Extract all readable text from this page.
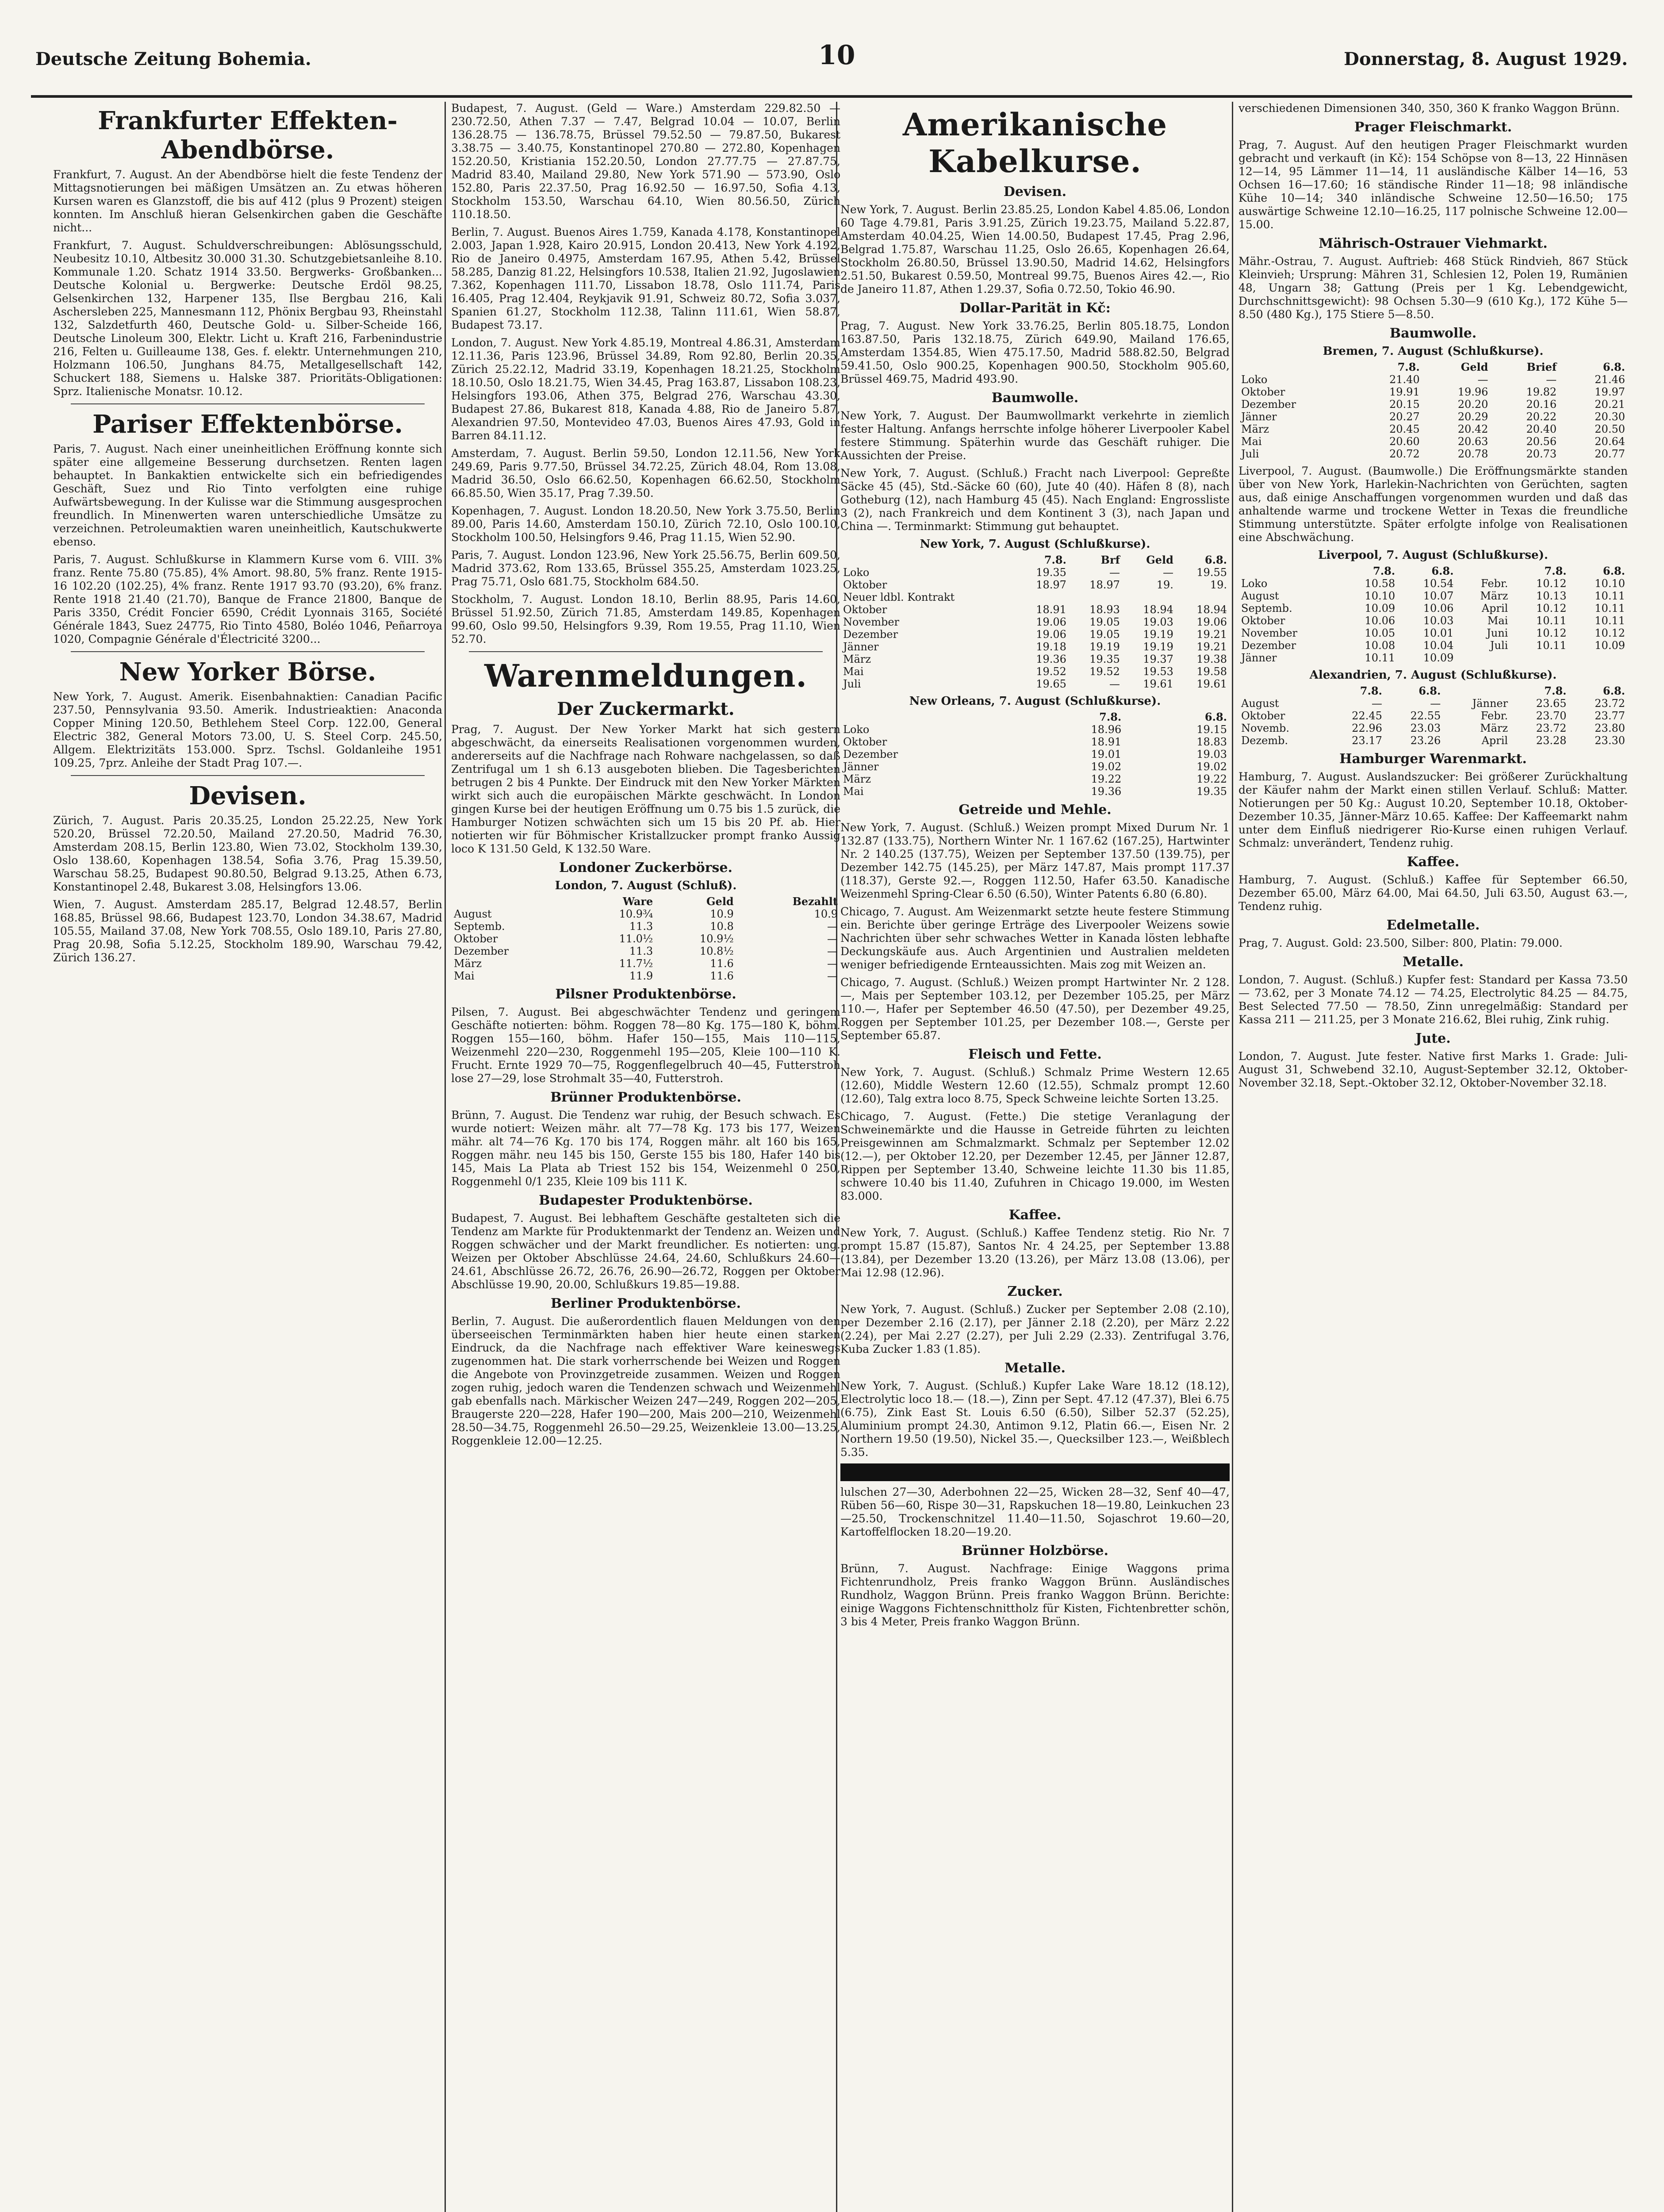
Deutsche Zeitung Bohemia.	10	Donnerstag, 8. August 1929.
Frankfurter Effekten-Abendbörse.

Frankfurt, 7. August. An der Abendbörse hielt die feste Tendenz der Mittagsnotierungen bei mäßigen Umsätzen an. Zu etwas höheren Kursen waren es Glanzstoff, die bis auf 412 (plus 9 Prozent) steigen konnten. Im Anschluß hieran Gelsenkirchen gaben die Geschäfte nicht...

Frankfurt, 7. August. Schuldverschreibungen: Ablösungsschuld, Neubesitz 10.10, Altbesitz 30.000 31.30. Schutzgebietsanleihe 8.10. Kommunale 1.20. Schatz 1914 33.50. Bergwerks- Großbanken... Deutsche Kolonial u. Bergwerke: Deutsche Erdöl 98.25, Gelsenkirchen 132, Harpener 135, Ilse Bergbau 216, Kali Aschersleben 225, Mannesmann 112, Phönix Bergbau 93, Rheinstahl 132, Salzdetfurth 460, Deutsche Gold- u. Silber-Scheide 166, Deutsche Linoleum 300, Elektr. Licht u. Kraft 216, Farbenindustrie 216, Felten u. Guilleaume 138, Ges. f. elektr. Unternehmungen 210, Holzmann 106.50, Junghans 84.75, Metallgesellschaft 142, Schuckert 188, Siemens u. Halske 387. Prioritäts-Obligationen: Sprz. Italienische Monatsr. 10.12.

Pariser Effektenbörse.

Paris, 7. August. Nach einer uneinheitlichen Eröffnung konnte sich später eine allgemeine Besserung durchsetzen. Renten lagen behauptet. In Bankaktien entwickelte sich ein befriedigendes Geschäft, Suez und Rio Tinto verfolgten eine ruhige Aufwärtsbewegung. In der Kulisse war die Stimmung ausgesprochen freundlich. In Minenwerten waren unterschiedliche Umsätze zu verzeichnen. Petroleumaktien waren uneinheitlich, Kautschukwerte ebenso.

Paris, 7. August. Schlußkurse in Klammern Kurse vom 6. VIII. 3% franz. Rente 75.80 (75.85), 4% Amort. 98.80, 5% franz. Rente 1915-16 102.20 (102.25), 4% franz. Rente 1917 93.70 (93.20), 6% franz. Rente 1918 21.40 (21.70), Banque de France 21800, Banque de Paris 3350, Crédit Foncier 6590, Crédit Lyonnais 3165, Société Générale 1843, Suez 24775, Rio Tinto 4580, Boléo 1046, Peñarroya 1020, Compagnie Générale d'Électricité 3200...

New Yorker Börse.

New York, 7. August. Amerik. Eisenbahnaktien: Canadian Pacific 237.50, Pennsylvania 93.50. Amerik. Industrieaktien: Anaconda Copper Mining 120.50, Bethlehem Steel Corp. 122.00, General Electric 382, General Motors 73.00, U. S. Steel Corp. 245.50, Allgem. Elektrizitäts 153.000. Sprz. Tschsl. Goldanleihe 1951 109.25, 7prz. Anleihe der Stadt Prag 107.—.

Devisen.

Zürich, 7. August. Paris 20.35.25, London 25.22.25, New York 520.20, Brüssel 72.20.50, Mailand 27.20.50, Madrid 76.30, Amsterdam 208.15, Berlin 123.80, Wien 73.02, Stockholm 139.30, Oslo 138.60, Kopenhagen 138.54, Sofia 3.76, Prag 15.39.50, Warschau 58.25, Budapest 90.80.50, Belgrad 9.13.25, Athen 6.73, Konstantinopel 2.48, Bukarest 3.08, Helsingfors 13.06.

Wien, 7. August. Amsterdam 285.17, Belgrad 12.48.57, Berlin 168.85, Brüssel 98.66, Budapest 123.70, London 34.38.67, Madrid 105.55, Mailand 37.08, New York 708.55, Oslo 189.10, Paris 27.80, Prag 20.98, Sofia 5.12.25, Stockholm 189.90, Warschau 79.42, Zürich 136.27.

Budapest, 7. August. (Geld — Ware.) Amsterdam 229.82.50 — 230.72.50, Athen 7.37 — 7.47, Belgrad 10.04 — 10.07, Berlin 136.28.75 — 136.78.75, Brüssel 79.52.50 — 79.87.50, Bukarest 3.38.75 — 3.40.75, Konstantinopel 270.80 — 272.80, Kopenhagen 152.20.50, Kristiania 152.20.50, London 27.77.75 — 27.87.75, Madrid 83.40, Mailand 29.80, New York 571.90 — 573.90, Oslo 152.80, Paris 22.37.50, Prag 16.92.50 — 16.97.50, Sofia 4.13, Stockholm 153.50, Warschau 64.10, Wien 80.56.50, Zürich 110.18.50.

Berlin, 7. August. Buenos Aires 1.759, Kanada 4.178, Konstantinopel 2.003, Japan 1.928, Kairo 20.915, London 20.413, New York 4.192, Rio de Janeiro 0.4975, Amsterdam 167.95, Athen 5.42, Brüssel 58.285, Danzig 81.22, Helsingfors 10.538, Italien 21.92, Jugoslawien 7.362, Kopenhagen 111.70, Lissabon 18.78, Oslo 111.74, Paris 16.405, Prag 12.404, Reykjavik 91.91, Schweiz 80.72, Sofia 3.037, Spanien 61.27, Stockholm 112.38, Talinn 111.61, Wien 58.87, Budapest 73.17.

London, 7. August. New York 4.85.19, Montreal 4.86.31, Amsterdam 12.11.36, Paris 123.96, Brüssel 34.89, Rom 92.80, Berlin 20.35, Zürich 25.22.12, Madrid 33.19, Kopenhagen 18.21.25, Stockholm 18.10.50, Oslo 18.21.75, Wien 34.45, Prag 163.87, Lissabon 108.23, Helsingfors 193.06, Athen 375, Belgrad 276, Warschau 43.30, Budapest 27.86, Bukarest 818, Kanada 4.88, Rio de Janeiro 5.87, Alexandrien 97.50, Montevideo 47.03, Buenos Aires 47.93, Gold in Barren 84.11.12.

Amsterdam, 7. August. Berlin 59.50, London 12.11.56, New York 249.69, Paris 9.77.50, Brüssel 34.72.25, Zürich 48.04, Rom 13.08, Madrid 36.50, Oslo 66.62.50, Kopenhagen 66.62.50, Stockholm 66.85.50, Wien 35.17, Prag 7.39.50.

Kopenhagen, 7. August. London 18.20.50, New York 3.75.50, Berlin 89.00, Paris 14.60, Amsterdam 150.10, Zürich 72.10, Oslo 100.10, Stockholm 100.50, Helsingfors 9.46, Prag 11.15, Wien 52.90.

Paris, 7. August. London 123.96, New York 25.56.75, Berlin 609.50, Madrid 373.62, Rom 133.65, Brüssel 355.25, Amsterdam 1023.25, Prag 75.71, Oslo 681.75, Stockholm 684.50.

Stockholm, 7. August. London 18.10, Berlin 88.95, Paris 14.60, Brüssel 51.92.50, Zürich 71.85, Amsterdam 149.85, Kopenhagen 99.60, Oslo 99.50, Helsingfors 9.39, Rom 19.55, Prag 11.10, Wien 52.70.

Warenmeldungen.
Der Zuckermarkt.

Prag, 7. August. Der New Yorker Markt hat sich gestern abgeschwächt, da einerseits Realisationen vorgenommen wurden, andererseits auf die Nachfrage nach Rohware nachgelassen, so daß Zentrifugal um 1 sh 6.13 ausgeboten blieben. Die Tagesberichten betrugen 2 bis 4 Punkte. Der Eindruck mit den New Yorker Märkten wirkt sich auch die europäischen Märkte geschwächt. In London gingen Kurse bei der heutigen Eröffnung um 0.75 bis 1.5 zurück, die Hamburger Notizen schwächten sich um 15 bis 20 Pf. ab. Hier notierten wir für Böhmischer Kristallzucker prompt franko Aussig loco K 131.50 Geld, K 132.50 Ware.

Londoner Zuckerbörse.
London, 7. August (Schluß).
	Ware	Geld	Bezahlt
August	10.9¾	10.9	10.9
Septemb.	11.3	10.8	—
Oktober	11.0½	10.9½	—
Dezember	11.3	10.8½	—
März	11.7½	11.6	—
Mai	11.9	11.6	—
Pilsner Produktenbörse.

Pilsen, 7. August. Bei abgeschwächter Tendenz und geringem Geschäfte notierten: böhm. Roggen 78—80 Kg. 175—180 K, böhm. Roggen 155—160, böhm. Hafer 150—155, Mais 110—115, Weizenmehl 220—230, Roggenmehl 195—205, Kleie 100—110 K. Frucht. Ernte 1929 70—75, Roggenflegelbruch 40—45, Futterstroh lose 27—29, lose Strohmalt 35—40, Futterstroh.

Brünner Produktenbörse.

Brünn, 7. August. Die Tendenz war ruhig, der Besuch schwach. Es wurde notiert: Weizen mähr. alt 77—78 Kg. 173 bis 177, Weizen mähr. alt 74—76 Kg. 170 bis 174, Roggen mähr. alt 160 bis 165, Roggen mähr. neu 145 bis 150, Gerste 155 bis 180, Hafer 140 bis 145, Mais La Plata ab Triest 152 bis 154, Weizenmehl 0 250, Roggenmehl 0/1 235, Kleie 109 bis 111 K.

Budapester Produktenbörse.

Budapest, 7. August. Bei lebhaftem Geschäfte gestalteten sich die Tendenz am Markte für Produktenmarkt der Tendenz an. Weizen und Roggen schwächer und der Markt freundlicher. Es notierten: ung. Weizen per Oktober Abschlüsse 24.64, 24.60, Schlußkurs 24.60—24.61, Abschlüsse 26.72, 26.76, 26.90—26.72, Roggen per Oktober Abschlüsse 19.90, 20.00, Schlußkurs 19.85—19.88.

Berliner Produktenbörse.

Berlin, 7. August. Die außerordentlich flauen Meldungen von den überseeischen Terminmärkten haben hier heute einen starken Eindruck, da die Nachfrage nach effektiver Ware keineswegs zugenommen hat. Die stark vorherrschende bei Weizen und Roggen die Angebote von Provinzgetreide zusammen. Weizen und Roggen zogen ruhig, jedoch waren die Tendenzen schwach und Weizenmehl gab ebenfalls nach. Märkischer Weizen 247—249, Roggen 202—205, Braugerste 220—228, Hafer 190—200, Mais 200—210, Weizenmehl 28.50—34.75, Roggenmehl 26.50—29.25, Weizenkleie 13.00—13.25, Roggenkleie 12.00—12.25.

Amerikanische Kabelkurse.
Devisen.

New York, 7. August. Berlin 23.85.25, London Kabel 4.85.06, London 60 Tage 4.79.81, Paris 3.91.25, Zürich 19.23.75, Mailand 5.22.87, Amsterdam 40.04.25, Wien 14.00.50, Budapest 17.45, Prag 2.96, Belgrad 1.75.87, Warschau 11.25, Oslo 26.65, Kopenhagen 26.64, Stockholm 26.80.50, Brüssel 13.90.50, Madrid 14.62, Helsingfors 2.51.50, Bukarest 0.59.50, Montreal 99.75, Buenos Aires 42.—, Rio de Janeiro 11.87, Athen 1.29.37, Sofia 0.72.50, Tokio 46.90.

Dollar-Parität in Kč:

Prag, 7. August. New York 33.76.25, Berlin 805.18.75, London 163.87.50, Paris 132.18.75, Zürich 649.90, Mailand 176.65, Amsterdam 1354.85, Wien 475.17.50, Madrid 588.82.50, Belgrad 59.41.50, Oslo 900.25, Kopenhagen 900.50, Stockholm 905.60, Brüssel 469.75, Madrid 493.90.

Baumwolle.

New York, 7. August. Der Baumwollmarkt verkehrte in ziemlich fester Haltung. Anfangs herrschte infolge höherer Liverpooler Kabel festere Stimmung. Späterhin wurde das Geschäft ruhiger. Die Aussichten der Preise.

New York, 7. August. (Schluß.) Fracht nach Liverpool: Gepreßte Säcke 45 (45), Std.-Säcke 60 (60), Jute 40 (40). Häfen 8 (8), nach Gotheburg (12), nach Hamburg 45 (45). Nach England: Engrossliste 3 (2), nach Frankreich und dem Kontinent 3 (3), nach Japan und China —. Terminmarkt: Stimmung gut behauptet.

New York, 7. August (Schlußkurse).
	7.8.	Brf	Geld	6.8.
Loko	19.35	—	—	19.55
Oktober	18.97	18.97	19.	19.
Neuer ldbl. Kontrakt				
Oktober	18.91	18.93	18.94	18.94
November	19.06	19.05	19.03	19.06
Dezember	19.06	19.05	19.19	19.21
Jänner	19.18	19.19	19.19	19.21
März	19.36	19.35	19.37	19.38
Mai	19.52	19.52	19.53	19.58
Juli	19.65	—	19.61	19.61
New Orleans, 7. August (Schlußkurse).
	7.8.	6.8.
Loko	18.96	19.15
Oktober	18.91	18.83
Dezember	19.01	19.03
Jänner	19.02	19.02
März	19.22	19.22
Mai	19.36	19.35
Getreide und Mehle.

New York, 7. August. (Schluß.) Weizen prompt Mixed Durum Nr. 1 132.87 (133.75), Northern Winter Nr. 1 167.62 (167.25), Hartwinter Nr. 2 140.25 (137.75), Weizen per September 137.50 (139.75), per Dezember 142.75 (145.25), per März 147.87, Mais prompt 117.37 (118.37), Gerste 92.—, Roggen 112.50, Hafer 63.50. Kanadische Weizenmehl Spring-Clear 6.50 (6.50), Winter Patents 6.80 (6.80).

Chicago, 7. August. Am Weizenmarkt setzte heute festere Stimmung ein. Berichte über geringe Erträge des Liverpooler Weizens sowie Nachrichten über sehr schwaches Wetter in Kanada lösten lebhafte Deckungskäufe aus. Auch Argentinien und Australien meldeten weniger befriedigende Ernteaussichten. Mais zog mit Weizen an.

Chicago, 7. August. (Schluß.) Weizen prompt Hartwinter Nr. 2 128.—, Mais per September 103.12, per Dezember 105.25, per März 110.—, Hafer per September 46.50 (47.50), per Dezember 49.25, Roggen per September 101.25, per Dezember 108.—, Gerste per September 65.87.

Fleisch und Fette.

New York, 7. August. (Schluß.) Schmalz Prime Western 12.65 (12.60), Middle Western 12.60 (12.55), Schmalz prompt 12.60 (12.60), Talg extra loco 8.75, Speck Schweine leichte Sorten 13.25.

Chicago, 7. August. (Fette.) Die stetige Veranlagung der Schweinemärkte und die Hausse in Getreide führten zu leichten Preisgewinnen am Schmalzmarkt. Schmalz per September 12.02 (12.—), per Oktober 12.20, per Dezember 12.45, per Jänner 12.87, Rippen per September 13.40, Schweine leichte 11.30 bis 11.85, schwere 10.40 bis 11.40, Zufuhren in Chicago 19.000, im Westen 83.000.

Kaffee.

New York, 7. August. (Schluß.) Kaffee Tendenz stetig. Rio Nr. 7 prompt 15.87 (15.87), Santos Nr. 4 24.25, per September 13.88 (13.84), per Dezember 13.20 (13.26), per März 13.08 (13.06), per Mai 12.98 (12.96).

Zucker.

New York, 7. August. (Schluß.) Zucker per September 2.08 (2.10), per Dezember 2.16 (2.17), per Jänner 2.18 (2.20), per März 2.22 (2.24), per Mai 2.27 (2.27), per Juli 2.29 (2.33). Zentrifugal 3.76, Kuba Zucker 1.83 (1.85).

Metalle.

New York, 7. August. (Schluß.) Kupfer Lake Ware 18.12 (18.12), Electrolytic loco 18.— (18.—), Zinn per Sept. 47.12 (47.37), Blei 6.75 (6.75), Zink East St. Louis 6.50 (6.50), Silber 52.37 (52.25), Aluminium prompt 24.30, Antimon 9.12, Platin 66.—, Eisen Nr. 2 Northern 19.50 (19.50), Nickel 35.—, Quecksilber 123.—, Weißblech 5.35.

lulschen 27—30, Aderbohnen 22—25, Wicken 28—32, Senf 40—47, Rüben 56—60, Rispe 30—31, Rapskuchen 18—19.80, Leinkuchen 23—25.50, Trockenschnitzel 11.40—11.50, Sojaschrot 19.60—20, Kartoffelflocken 18.20—19.20.

Brünner Holzbörse.

Brünn, 7. August. Nachfrage: Einige Waggons prima Fichtenrundholz, Preis franko Waggon Brünn. Ausländisches Rundholz, Waggon Brünn. Preis franko Waggon Brünn. Berichte: einige Waggons Fichtenschnittholz für Kisten, Fichtenbretter schön, 3 bis 4 Meter, Preis franko Waggon Brünn.

verschiedenen Dimensionen 340, 350, 360 K franko Waggon Brünn.

Prager Fleischmarkt.

Prag, 7. August. Auf den heutigen Prager Fleischmarkt wurden gebracht und verkauft (in Kč): 154 Schöpse von 8—13, 22 Hinnäsen 12—14, 95 Lämmer 11—14, 11 ausländische Kälber 14—16, 53 Ochsen 16—17.60; 16 ständische Rinder 11—18; 98 inländische Kühe 10—14; 340 inländische Schweine 12.50—16.50; 175 auswärtige Schweine 12.10—16.25, 117 polnische Schweine 12.00—15.00.

Mährisch-Ostrauer Viehmarkt.

Mähr.-Ostrau, 7. August. Auftrieb: 468 Stück Rindvieh, 867 Stück Kleinvieh; Ursprung: Mähren 31, Schlesien 12, Polen 19, Rumänien 48, Ungarn 38; Gattung (Preis per 1 Kg. Lebendgewicht, Durchschnittsgewicht): 98 Ochsen 5.30—9 (610 Kg.), 172 Kühe 5—8.50 (480 Kg.), 175 Stiere 5—8.50.

Baumwolle.
Bremen, 7. August (Schlußkurse).
	7.8.	Geld	Brief	6.8.
Loko	21.40	—	—	21.46
Oktober	19.91	19.96	19.82	19.97
Dezember	20.15	20.20	20.16	20.21
Jänner	20.27	20.29	20.22	20.30
März	20.45	20.42	20.40	20.50
Mai	20.60	20.63	20.56	20.64
Juli	20.72	20.78	20.73	20.77

Liverpool, 7. August. (Baumwolle.) Die Eröffnungsmärkte standen über von New York, Harlekin-Nachrichten von Gerüchten, sagten aus, daß einige Anschaffungen vorgenommen wurden und daß das anhaltende warme und trockene Wetter in Texas die freundliche Stimmung unterstützte. Später erfolgte infolge von Realisationen eine Abschwächung.

Liverpool, 7. August (Schlußkurse).
	7.8.	6.8.		7.8.	6.8.
Loko	10.58	10.54	Febr.	10.12	10.10
August	10.10	10.07	März	10.13	10.11
Septemb.	10.09	10.06	April	10.12	10.11
Oktober	10.06	10.03	Mai	10.11	10.11
November	10.05	10.01	Juni	10.12	10.12
Dezember	10.08	10.04	Juli	10.11	10.09
Jänner	10.11	10.09			
Alexandrien, 7. August (Schlußkurse).
	7.8.	6.8.		7.8.	6.8.
August	—	—	Jänner	23.65	23.72
Oktober	22.45	22.55	Febr.	23.70	23.77
Novemb.	22.96	23.03	März	23.72	23.80
Dezemb.	23.17	23.26	April	23.28	23.30
Hamburger Warenmarkt.

Hamburg, 7. August. Auslandszucker: Bei größerer Zurückhaltung der Käufer nahm der Markt einen stillen Verlauf. Schluß: Matter. Notierungen per 50 Kg.: August 10.20, September 10.18, Oktober-Dezember 10.35, Jänner-März 10.65. Kaffee: Der Kaffeemarkt nahm unter dem Einfluß niedrigerer Rio-Kurse einen ruhigen Verlauf. Schmalz: unverändert, Tendenz ruhig.

Kaffee.

Hamburg, 7. August. (Schluß.) Kaffee für September 66.50, Dezember 65.00, März 64.00, Mai 64.50, Juli 63.50, August 63.—, Tendenz ruhig.

Edelmetalle.

Prag, 7. August. Gold: 23.500, Silber: 800, Platin: 79.000.

Metalle.

London, 7. August. (Schluß.) Kupfer fest: Standard per Kassa 73.50 — 73.62, per 3 Monate 74.12 — 74.25, Electrolytic 84.25 — 84.75, Best Selected 77.50 — 78.50, Zinn unregelmäßig: Standard per Kassa 211 — 211.25, per 3 Monate 216.62, Blei ruhig, Zink ruhig.

Jute.

London, 7. August. Jute fester. Native first Marks 1. Grade: Juli-August 31, Schwebend 32.10, August-September 32.12, Oktober-November 32.18, Sept.-Oktober 32.12, Oktober-November 32.18.
